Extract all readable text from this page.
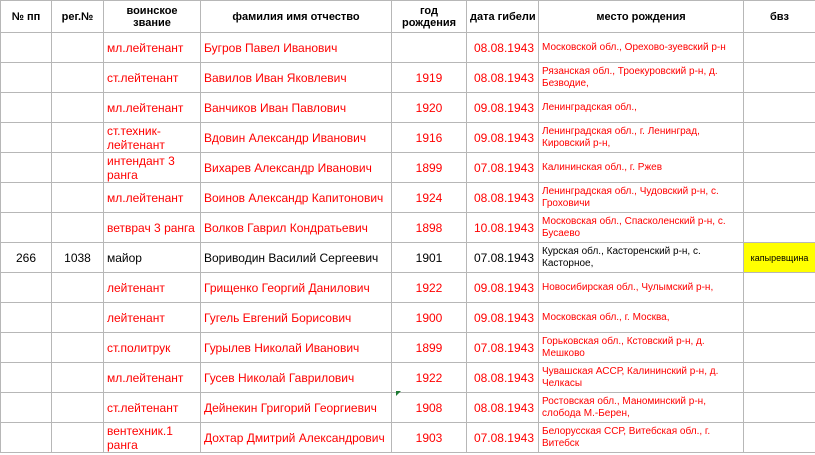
№ пп	рег.№	воинское звание	фамилия имя отчество	год рождения	дата гибели	место рождения	бвз
		мл.лейтенант	Бугров Павел Иванович		08.08.1943	Московской обл., Орехово-зуевский р-н	
		ст.лейтенант	Вавилов Иван Яковлевич	1919	08.08.1943	Рязанская обл., Троекуровский р-н, д. Безводие,	
		мл.лейтенант	Ванчиков Иван Павлович	1920	09.08.1943	Ленинградская обл.,	
		ст.техник-лейтенант	Вдовин Александр Иванович	1916	09.08.1943	Ленинградская обл., г. Ленинград, Кировский р-н,	
		интендант 3 ранга	Вихарев Александр Иванович	1899	07.08.1943	Калининская обл., г. Ржев	
		мл.лейтенант	Воинов Александр Капитонович	1924	08.08.1943	Ленинградская обл., Чудовский р-н, с. Гроховичи	
		ветврач 3 ранга	Волков Гаврил Кондратьевич	1898	10.08.1943	Московская обл., Спасколенский р-н, с. Бусаево	
266	1038	майор	Вориводин Василий Сергеевич	1901	07.08.1943	Курская обл., Касторенский р-н, с. Касторное,	капыревщина
		лейтенант	Грищенко Георгий Данилович	1922	09.08.1943	Новосибирская обл., Чулымский р-н,	
		лейтенант	Гугель Евгений Борисович	1900	09.08.1943	Московская обл., г. Москва,	
		ст.политрук	Гурылев Николай Иванович	1899	07.08.1943	Горьковская обл., Кстовский р-н, д. Мешково	
		мл.лейтенант	Гусев Николай Гаврилович	1922	08.08.1943	Чувашская АССР, Калининский р-н, д. Челкасы	
		ст.лейтенант	Дейнекин Григорий Георгиевич	1908	08.08.1943	Ростовская обл., Маноминский р-н, слобода М.-Берен,	
		вентехник.1 ранга	Дохтар Дмитрий Александрович	1903	07.08.1943	Белорусская ССР, Витебская обл., г. Витебск	
